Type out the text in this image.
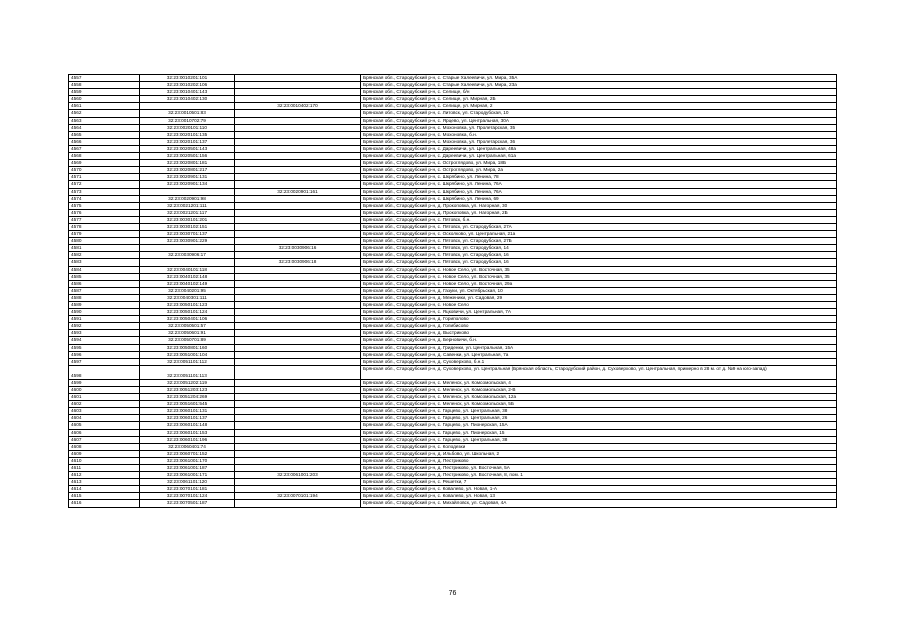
4557	32:23:0010201:101		Брянская обл., Стародубский р-н, с. Старые Халеевичи, ул. Мира, 35А
4558	32:23:0010202:106		Брянская обл., Стародубский р-н, с. Старые Халеевичи, ул. Мира, 23а
4559	32:23:0010401:143		Брянская обл., Стародубский р-н, с. Селище, б/н
4560	32:23:0010402:130		Брянская обл., Стародубский р-н, с. Селище, ул. Мирная, 2Б
4561		32:23:0010402:170	Брянская обл., Стародубский р-н, с. Селище, ул. Мирная, 2
4562	32:23:0010501:83		Брянская обл., Стародубский р-н, с. Литовск, ул. Стародубская, 10
4563	32:23:0010702:79		Брянская обл., Стародубский р-н, с. Ярцево, ул. Центральная, 30А
4564	32:23:0020101:110		Брянская обл., Стародубский р-н, с. Мохоновка, ул. Пролетарская, 35
4565	32:23:0020101:135		Брянская обл., Стародубский р-н, с. Мохоновка, б.н.
4566	32:23:0020101:137		Брянская обл., Стародубский р-н, с. Мохоновка, ул. Пролетарская, 36
4567	32:23:0020501:143		Брянская обл., Стародубский р-н, с. Дареевичи, ул. Центральная, 48а
4568	32:23:0020501:156		Брянская обл., Стародубский р-н, с. Дареевичи, ул. Центральная, 61а
4569	32:23:0020801:181		Брянская обл., Стародубский р-н, с. Остроглядово, ул. Мира, 18Б
4570	32:23:0020801:217		Брянская обл., Стародубский р-н, с. Остроглядово, ул. Мира, 2а
4571	32:23:0020901:131		Брянская обл., Стародубский р-н, с. Шкрябино, ул. Ленина, 78
4572	32:23:0020901:134		Брянская обл., Стародубский р-н, с. Шкрябино, ул. Ленина, 76А
4573		32:23:0020901:161	Брянская обл., Стародубский р-н, с. Шкрябино, ул. Ленина, 76А
4574	32:23:0020901:98		Брянская обл., Стародубский р-н, с. Шкрябино, ул. Ленина, 69
4575	32:23:0021201:111		Брянская обл., Стародубский р-н, д. Прокоповка, ул. Нагорная, 30
4576	32:23:0021201:117		Брянская обл., Стародубский р-н, д. Прокоповка, ул. Нагорная, 2Б
4577	32:23:0030101:201		Брянская обл., Стародубский р-н, с. Пятовск, б.н.
4578	32:23:0030102:151		Брянская обл., Стародубский р-н, с. Пятовск, ул. Стародубская, 27А
4579	32:23:0030701:137		Брянская обл., Стародубский р-н, с. Осколково, ул. Центральная, 21а
4580	32:23:0030901:229		Брянская обл., Стародубский р-н, с. Пятовск, ул. Стародубская, 27Б
4581		32:23:0030906:16	Брянская обл., Стародубский р-н, с. Пятовск, ул. Стародубская, 14
4582	32:23:0030906:17		Брянская обл., Стародубский р-н, с. Пятовск, ул. Стародубская, 16
4583		32:23:0030906:18	Брянская обл., Стародубский р-н, с. Пятовск, ул. Стародубская, 16
4584	32:23:0040101:118		Брянская обл., Стародубский р-н, с. Новое Село, ул. Восточная, 35
4585	32:23:0040102:148		Брянская обл., Стародубский р-н, с. Новое Село, ул. Восточная, 35
4586	32:23:0040102:149		Брянская обл., Стародубский р-н, с. Новое Село, ул. Восточная, 29а
4587	32:23:0040201:95		Брянская обл., Стародубский р-н, д. Газуки, ул. Октябрьская, 10
4588	32:23:0040301:111		Брянская обл., Стародубский р-н, д. Меженики, ул. Садовая, 29
4589	32:23:0050101:123		Брянская обл., Стародубский р-н, с. Новое Село
4590	32:23:0050101:124		Брянская обл., Стародубский р-н, с. Яцковичи, ул. Центральная, 7А
4591	32:23:0050401:106		Брянская обл., Стародубский р-н, д. Гориполово
4592	32:23:0050501:57		Брянская обл., Стародубский р-н, д. Голибисово
4593	32:23:0050601:91		Брянская обл., Стародубский р-н, д. Выстриково
4594	32:23:0050701:89		Брянская обл., Стародубский р-н, д. Берновичи, б.н.
4595	32:23:0050801:160		Брянская обл., Стародубский р-н, д. Гриденки, ул. Центральная, 15А
4596	32:23:0051001:104		Брянская обл., Стародубский р-н, д. Савенки, ул. Центральная, 7а
4597	32:23:0051101:112		Брянская обл., Стародубский р-н, д. Суховерхово, б.н.1
4598	32:23:0051101:113		Брянская обл., Стародубский р-н, д. Суховерхово, ул. Центральная (Брянская область, Стародубский район, д. Суховерхово, ул. Центральная, примерно в 28 м. от д. №9 на юго-запад)
4599	32:23:0051202:119		Брянская обл., Стародубский р-н, с. Меленск, ул. Комсомольская, 4
4600	32:23:0051203:123		Брянская обл., Стародубский р-н, с. Меленск, ул. Комсомольская, 2-В
4601	32:23:0051204:269		Брянская обл., Стародубский р-н, с. Меленск, ул. Комсомольская, 12а
4602	32:23:0051601:545		Брянская обл., Стародубский р-н, с. Меленск, ул. Комсомольская, 5Б
4603	32:23:0060101:131		Брянская обл., Стародубский р-н, с. Гарцево, ул. Центральная, 38
4604	32:23:0060101:137		Брянская обл., Стародубский р-н, с. Гарцево, ул. Центральная, 26
4605	32:23:0060101:148		Брянская обл., Стародубский р-н, с. Гарцево, ул. Пионерская, 15А
4606	32:23:0060101:153		Брянская обл., Стародубский р-н, с. Гарцево, ул. Пионерская, 15
4607	32:23:0060101:196		Брянская обл., Стародубский р-н, с. Гарцево, ул. Центральная, 38
4608	32:23:0060401:74		Брянская обл., Стародубский р-н, с. Колодезки
4609	32:23:0060701:152		Брянская обл., Стародубский р-н, д. Ильбово, ул. Школьная, 2
4610	32:23:0061001:170		Брянская обл., Стародубский р-н, д. Пестриково
4611	32:23:0061001:187		Брянская обл., Стародубский р-н, д. Пестриково, ул. Восточная, 5А
4612	32:23:0061001:171	32:23:0061001:203	Брянская обл., Стародубский р-н, д. Пестриково, ул. Восточная, 8, пом. 1
4613	32:23:0061101:120		Брянская обл., Стародубский р-н, с. Решетки, 7
4614	32:23:0070101:181		Брянская обл., Стародубский р-н, с. Ковалево, ул. Новая, 1-А
4615	32:23:0070101:124	32:23:0070101:194	Брянская обл., Стародубский р-н, с. Ковалево, ул. Новая, 13
4616	32:23:0070501:187		Брянская обл., Стародубский р-н, с. Михайловск, ул. Садовая, 4А
76
